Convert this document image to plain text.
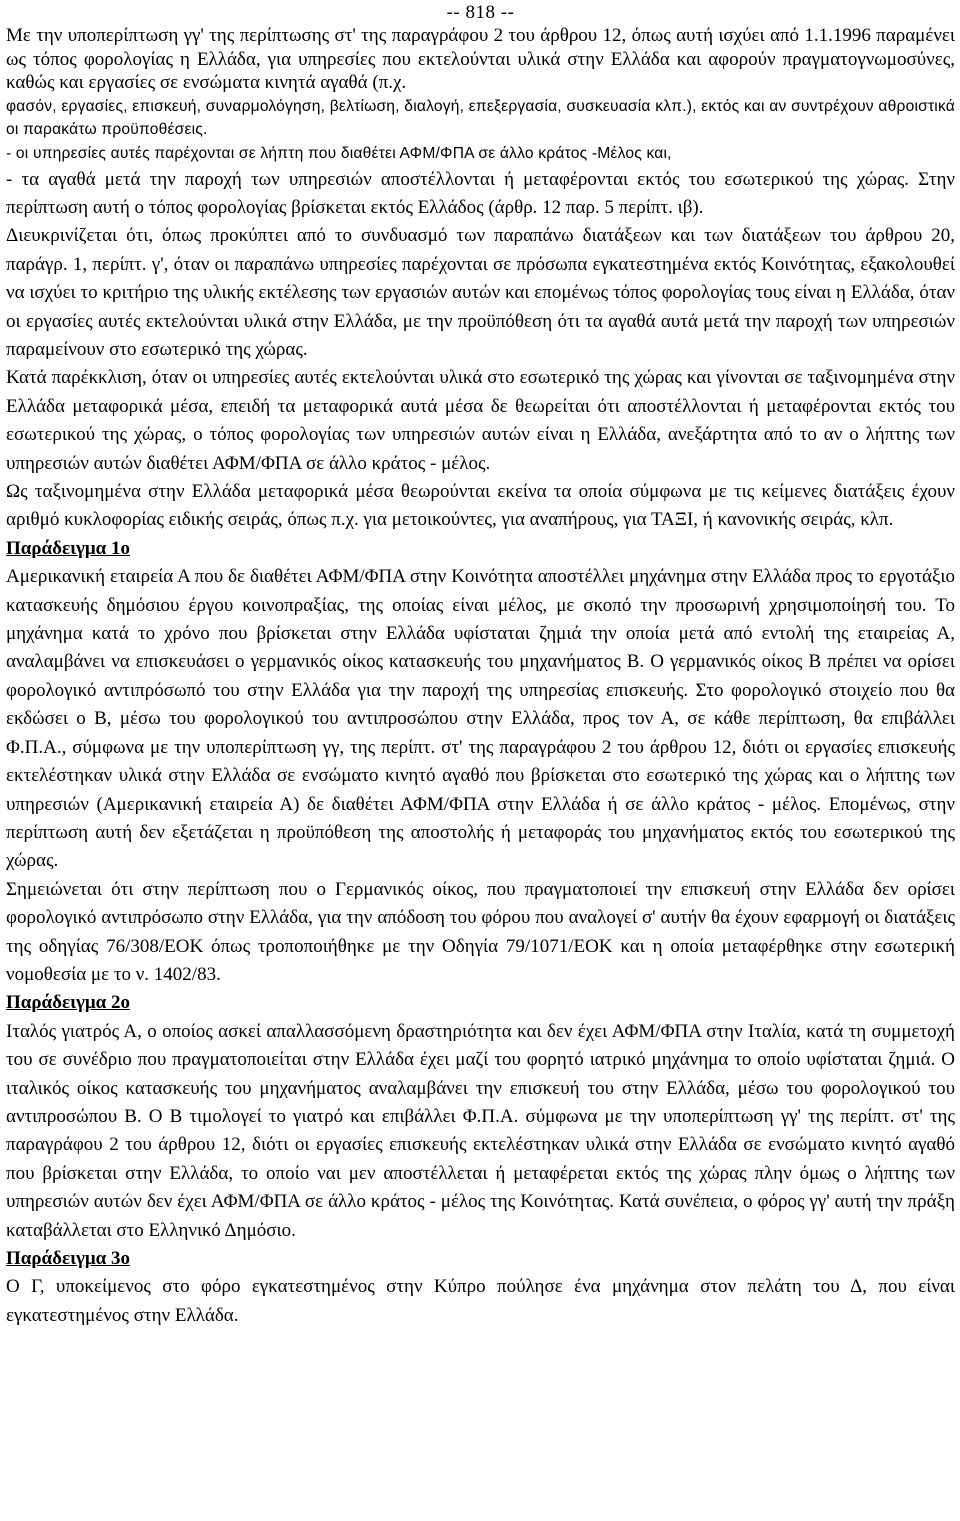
-- 818 --

Με την υποπερίπτωση γγ' της περίπτωσης στ' της παραγράφου 2 του άρθρου 12, όπως αυτή ισχύει από 1.1.1996 παραμένει ως τόπος φορολογίας η Ελλάδα, για υπηρεσίες που εκτελούνται υλικά στην Ελλάδα και αφορούν πραγματογνωμοσύνες, καθώς και εργασίες σε ενσώματα κινητά αγαθά (π.χ.

φασόν, εργασίες, επισκευή, συναρμολόγηση, βελτίωση, διαλογή, επεξεργασία, συσκευασία κλπ.), εκτός και αν συντρέχουν αθροιστικά οι παρακάτω προϋποθέσεις.

- οι υπηρεσίες αυτές παρέχονται σε λήπτη που διαθέτει ΑΦΜ/ΦΠΑ σε άλλο κράτος -Μέλος και,

- τα αγαθά μετά την παροχή των υπηρεσιών αποστέλλονται ή μεταφέρονται εκτός του εσωτερικού της χώρας. Στην περίπτωση αυτή ο τόπος φορολογίας βρίσκεται εκτός Ελλάδος (άρθρ. 12 παρ. 5 περίπτ. ιβ).

Διευκρινίζεται ότι, όπως προκύπτει από το συνδυασμό των παραπάνω διατάξεων και των διατάξεων του άρθρου 20, παράγρ. 1, περίπτ. γ', όταν οι παραπάνω υπηρεσίες παρέχονται σε πρόσωπα εγκατεστημένα εκτός Κοινότητας, εξακολουθεί να ισχύει το κριτήριο της υλικής εκτέλεσης των εργασιών αυτών και επομένως τόπος φορολογίας τους είναι η Ελλάδα, όταν οι εργασίες αυτές εκτελούνται υλικά στην Ελλάδα, με την προϋπόθεση ότι τα αγαθά αυτά μετά την παροχή των υπηρεσιών παραμείνουν στο εσωτερικό της χώρας.

Κατά παρέκκλιση, όταν οι υπηρεσίες αυτές εκτελούνται υλικά στο εσωτερικό της χώρας και γίνονται σε ταξινομημένα στην Ελλάδα μεταφορικά μέσα, επειδή τα μεταφορικά αυτά μέσα δε θεωρείται ότι αποστέλλονται ή μεταφέρονται εκτός του εσωτερικού της χώρας, ο τόπος φορολογίας των υπηρεσιών αυτών είναι η Ελλάδα, ανεξάρτητα από το αν ο λήπτης των υπηρεσιών αυτών διαθέτει ΑΦΜ/ΦΠΑ σε άλλο κράτος - μέλος.

Ως ταξινομημένα στην Ελλάδα μεταφορικά μέσα θεωρούνται εκείνα τα οποία σύμφωνα με τις κείμενες διατάξεις έχουν αριθμό κυκλοφορίας ειδικής σειράς, όπως π.χ. για μετοικούντες, για αναπήρους, για ΤΑΞΙ, ή κανονικής σειράς, κλπ.

Παράδειγμα 1ο

Αμερικανική εταιρεία Α που δε διαθέτει ΑΦΜ/ΦΠΑ στην Κοινότητα αποστέλλει μηχάνημα στην Ελλάδα προς το εργοτάξιο κατασκευής δημόσιου έργου κοινοπραξίας, της οποίας είναι μέλος, με σκοπό την προσωρινή χρησιμοποίησή του. Το μηχάνημα κατά το χρόνο που βρίσκεται στην Ελλάδα υφίσταται ζημιά την οποία μετά από εντολή της εταιρείας Α, αναλαμβάνει να επισκευάσει ο γερμανικός οίκος κατασκευής του μηχανήματος Β. Ο γερμανικός οίκος Β πρέπει να ορίσει φορολογικό αντιπρόσωπό του στην Ελλάδα για την παροχή της υπηρεσίας επισκευής. Στο φορολογικό στοιχείο που θα εκδώσει ο Β, μέσω του φορολογικού του αντιπροσώπου στην Ελλάδα, προς τον Α, σε κάθε περίπτωση, θα επιβάλλει Φ.Π.Α., σύμφωνα με την υποπερίπτωση γγ, της περίπτ. στ' της παραγράφου 2 του άρθρου 12, διότι οι εργασίες επισκευής εκτελέστηκαν υλικά στην Ελλάδα σε ενσώματο κινητό αγαθό που βρίσκεται στο εσωτερικό της χώρας και ο λήπτης των υπηρεσιών (Αμερικανική εταιρεία Α) δε διαθέτει ΑΦΜ/ΦΠΑ στην Ελλάδα ή σε άλλο κράτος - μέλος. Επομένως, στην περίπτωση αυτή δεν εξετάζεται η προϋπόθεση της αποστολής ή μεταφοράς του μηχανήματος εκτός του εσωτερικού της χώρας.

Σημειώνεται ότι στην περίπτωση που ο Γερμανικός οίκος, που πραγματοποιεί την επισκευή στην Ελλάδα δεν ορίσει φορολογικό αντιπρόσωπο στην Ελλάδα, για την απόδοση του φόρου που αναλογεί σ' αυτήν θα έχουν εφαρμογή οι διατάξεις της οδηγίας 76/308/ΕΟΚ όπως τροποποιήθηκε με την Οδηγία 79/1071/ΕΟΚ και η οποία μεταφέρθηκε στην εσωτερική νομοθεσία με το ν. 1402/83.

Παράδειγμα 2ο

Ιταλός γιατρός Α, ο οποίος ασκεί απαλλασσόμενη δραστηριότητα και δεν έχει ΑΦΜ/ΦΠΑ στην Ιταλία, κατά τη συμμετοχή του σε συνέδριο που πραγματοποιείται στην Ελλάδα έχει μαζί του φορητό ιατρικό μηχάνημα το οποίο υφίσταται ζημιά. Ο ιταλικός οίκος κατασκευής του μηχανήματος αναλαμβάνει την επισκευή του στην Ελλάδα, μέσω του φορολογικού του αντιπροσώπου Β. Ο Β τιμολογεί το γιατρό και επιβάλλει Φ.Π.Α. σύμφωνα με την υποπερίπτωση γγ' της περίπτ. στ' της παραγράφου 2 του άρθρου 12, διότι οι εργασίες επισκευής εκτελέστηκαν υλικά στην Ελλάδα σε ενσώματο κινητό αγαθό που βρίσκεται στην Ελλάδα, το οποίο ναι μεν αποστέλλεται ή μεταφέρεται εκτός της χώρας πλην όμως ο λήπτης των υπηρεσιών αυτών δεν έχει ΑΦΜ/ΦΠΑ σε άλλο κράτος - μέλος της Κοινότητας. Κατά συνέπεια, ο φόρος γγ' αυτή την πράξη καταβάλλεται στο Ελληνικό Δημόσιο.

Παράδειγμα 3ο

Ο Γ, υποκείμενος στο φόρο εγκατεστημένος στην Κύπρο πούλησε ένα μηχάνημα στον πελάτη του Δ, που είναι εγκατεστημένος στην Ελλάδα.
